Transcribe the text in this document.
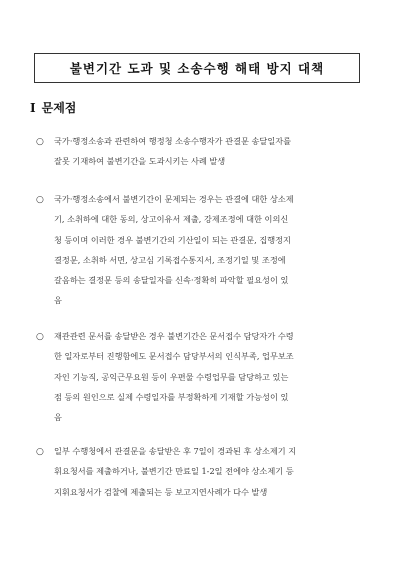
불변기간 도과 및 소송수행 해태 방지 대책
Ⅰ 문제점
○ 국가·행정소송과 관련하여 행정청 소송수행자가 관결문 송달일자를
잘못 기재하여 불변기간을 도과시키는 사례 발생
○ 국가·행정소송에서 불변기간이 문제되는 경우는 관결에 대한 상소제
기, 소취하에 대한 동의, 상고이유서 제출, 강제조정에 대한 이의신
청 등이며 이러한 경우 불변기간의 기산일이 되는 관결문, 집행정지
결정문, 소취하 서면, 상고심 기록접수통지서, 조정기일 및 조정에
갈음하는 결정문 등의 송달일자를 신속·정확히 파악할 필요성이 있
음
○ 재관관련 문서를 송달받은 경우 불변기간은 문서접수 담당자가 수령
한 일자로부터 진행함에도 문서접수 담당부서의 인식부족, 업무보조
자인 기능직, 공익근무요원 등이 우편물 수령업무를 담당하고 있는
점 등의 원인으로 실제 수령일자를 부정확하게 기재할 가능성이 있
음
○ 일부 수행청에서 관결문을 송달받은 후 7일이 경과된 후 상소제기 지
휘요청서를 제출하거나, 불변기간 만료일 1-2일 전에야 상소제기 등
지휘요청서가 검찰에 제출되는 등 보고지연사례가 다수 발생
